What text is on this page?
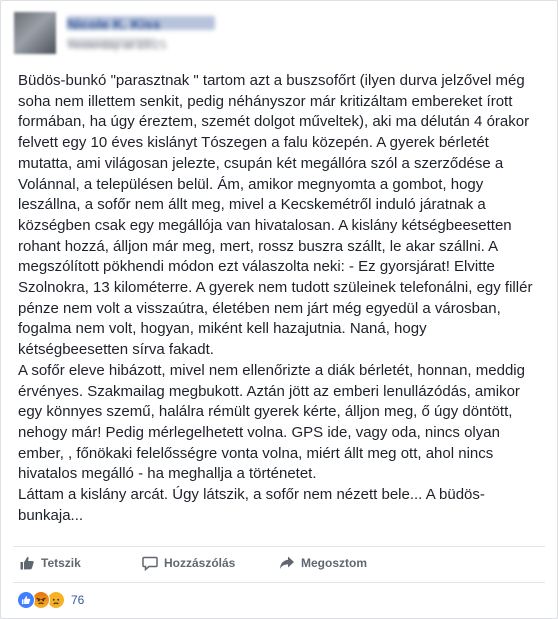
Nicole K. Kiss
Yesterday at 10:25

Büdös-bunkó "parasztnak " tartom azt a buszsofőrt (ilyen durva jelzővel még soha nem illettem senkit, pedig néhányszor már kritizáltam embereket írott formában, ha úgy éreztem, szemét dolgot műveltek), aki ma délután 4 órakor felvett egy 10 éves kislányt Tószegen a falu közepén. A gyerek bérletét mutatta, ami világosan jelezte, csupán két megállóra szól a szerződése a Volánnal, a településen belül. Ám, amikor megnyomta a gombot, hogy leszállna, a sofőr nem állt meg, mivel a Kecskemétről induló járatnak a községben csak egy megállója van hivatalosan. A kislány kétségbeesetten rohant hozzá, álljon már meg, mert, rossz buszra szállt, le akar szállni. A megszólított pökhendi módon ezt válaszolta neki: - Ez gyorsjárat! Elvitte Szolnokra, 13 kilométerre. A gyerek nem tudott szüleinek telefonálni, egy fillér pénze nem volt a visszaútra, életében nem járt még egyedül a városban, fogalma nem volt, hogyan, miként kell hazajutnia. Naná, hogy kétségbeesetten sírva fakadt.

A sofőr eleve hibázott, mivel nem ellenőrizte a diák bérletét, honnan, meddig érvényes. Szakmailag megbukott. Aztán jött az emberi lenullázódás, amikor egy könnyes szemű, halálra rémült gyerek kérte, álljon meg, ő úgy döntött, nehogy már! Pedig mérlegelhetett volna. GPS ide, vagy oda, nincs olyan ember, , főnökaki felelősségre vonta volna, miért állt meg ott, ahol nincs hivatalos megálló - ha meghallja a történetet.

Láttam a kislány arcát. Úgy látszik, a sofőr nem nézett bele... A büdös-bunkaja...

Tetszik	Hozzászólás	Megosztom
76
